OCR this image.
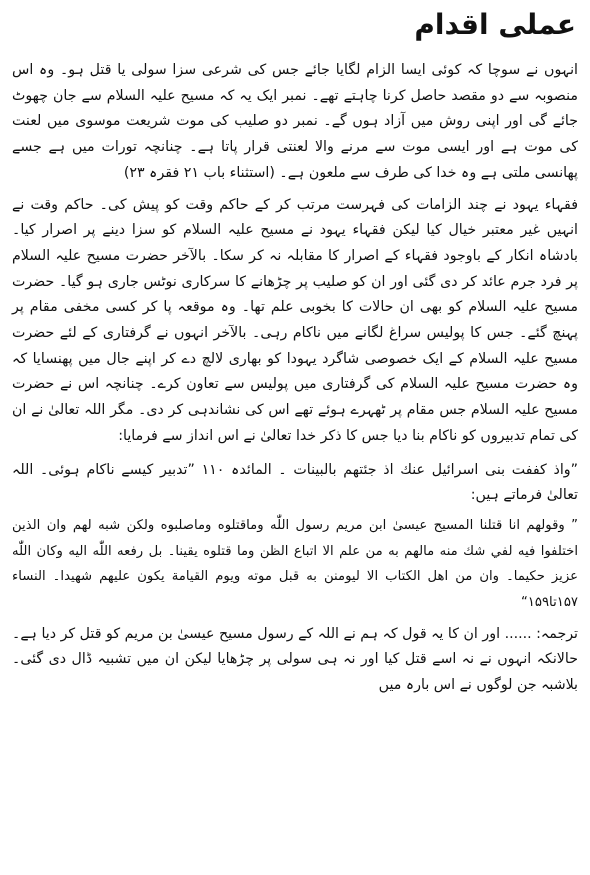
عملی اقدام

انہوں نے سوچا کہ کوئی ایسا الزام لگایا جائے جس کی شرعی سزا سولی یا قتل ہو۔ وہ اس منصوبہ سے دو مقصد حاصل کرنا چاہتے تھے۔ نمبر ایک یہ کہ مسیح علیہ السلام سے جان چھوٹ جائے گی اور اپنی روش میں آزاد ہوں گے۔ نمبر دو صلیب کی موت شریعت موسوی میں لعنت کی موت ہے اور ایسی موت سے مرنے والا لعنتی قرار پاتا ہے۔ چنانچہ تورات میں ہے جسے پھانسی ملتی ہے وہ خدا کی طرف سے ملعون ہے۔ (استثناء باب ۲۱ فقرہ ۲۳)

فقہاء یہود نے چند الزامات کی فہرست مرتب کر کے حاکم وقت کو پیش کی۔ حاکم وقت نے انہیں غیر معتبر خیال کیا لیکن فقہاء یہود نے مسیح علیہ السلام کو سزا دینے پر اصرار کیا۔ بادشاہ انکار کے باوجود فقہاء کے اصرار کا مقابلہ نہ کر سکا۔ بالآخر حضرت مسیح علیہ السلام پر فرد جرم عائد کر دی گئی اور ان کو صلیب پر چڑھانے کا سرکاری نوٹس جاری ہو گیا۔ حضرت مسیح علیہ السلام کو بھی ان حالات کا بخوبی علم تھا۔ وہ موقعہ پا کر کسی مخفی مقام پر پہنچ گئے۔ جس کا پولیس سراغ لگانے میں ناکام رہی۔ بالآخر انہوں نے گرفتاری کے لئے حضرت مسیح علیہ السلام کے ایک خصوصی شاگرد یہودا کو بھاری لالچ دے کر اپنے جال میں پھنسایا کہ وہ حضرت مسیح علیہ السلام کی گرفتاری میں پولیس سے تعاون کرے۔ چنانچہ اس نے حضرت مسیح علیہ السلام جس مقام پر ٹھہرے ہوئے تھے اس کی نشاندہی کر دی۔ مگر اللہ تعالیٰ نے ان کی تمام تدبیروں کو ناکام بنا دیا جس کا ذکر خدا تعالیٰ نے اس انداز سے فرمایا:

”واذ كففت بنی اسرائيل عنك اذ جئتهم بالبينات ۔ المائدہ ۱۱۰ ”تدبیر کیسے ناکام ہوئی۔ اللہ تعالیٰ فرماتے ہیں:

” وقولهم انا قتلنا المسيح عيسىٰ ابن مريم رسول اللّٰه وماقتلوه وماصلبوه ولكن شبه لهم وان الذين اختلفوا فيه لفي شك منه مالهم به من علم الا اتباع الظن وما قتلوه يقينا۔ بل رفعه اللّٰه اليه وكان اللّٰه عزيز حكيما۔ وان من اهل الكتاب الا ليومنن به قبل موته ويوم القيامة يكون عليهم شهيدا۔ النساء ۱۵۷تا۱۵۹“

ترجمہ: ...... اور ان کا یہ قول کہ ہم نے اللہ کے رسول مسیح عیسیٰ بن مریم کو قتل کر دیا ہے۔ حالانکہ انہوں نے نہ اسے قتل کیا اور نہ ہی سولی پر چڑھایا لیکن ان میں تشبیہ ڈال دی گئی۔ بلاشبہ جن لوگوں نے اس بارہ میں
